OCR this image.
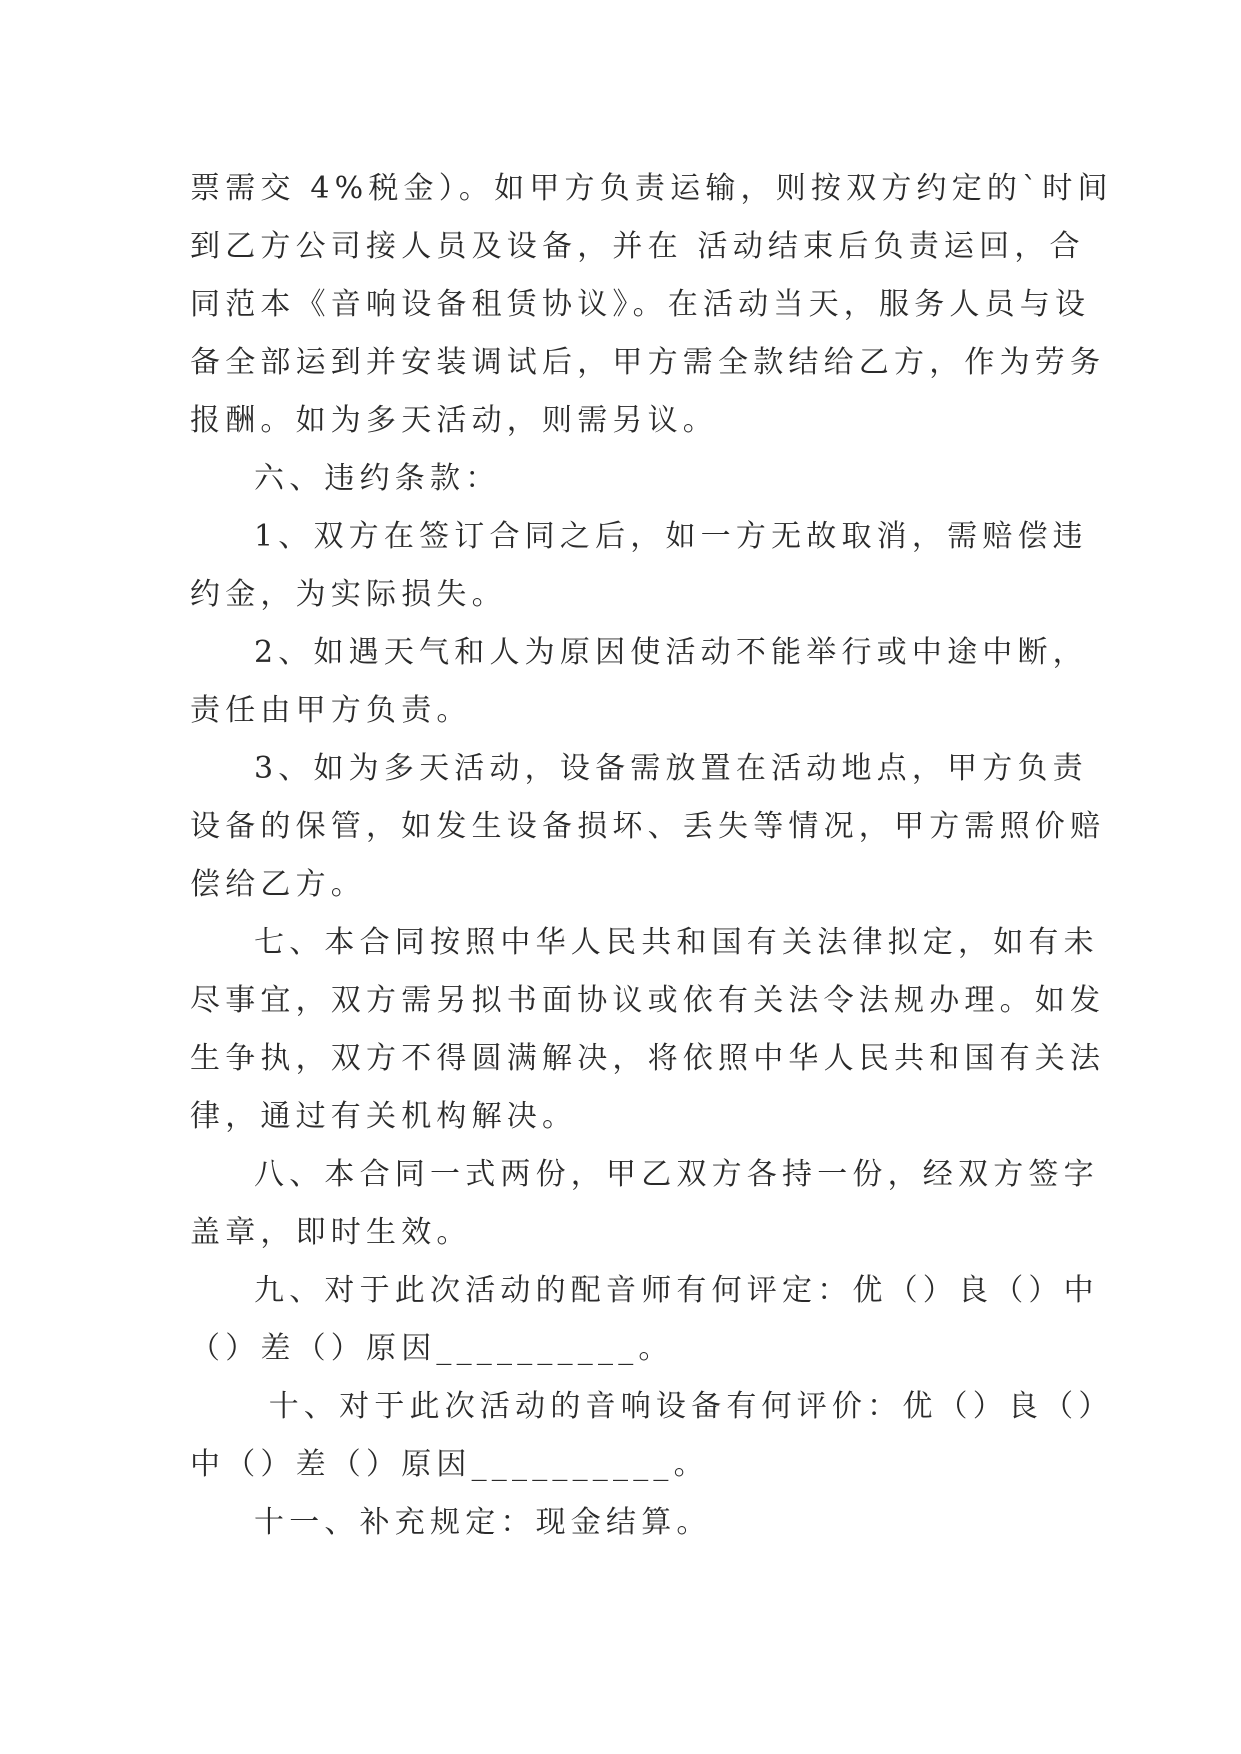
票需交 4%税金）。如甲方负责运输，则按双方约定的`时间
到乙方公司接人员及设备，并在 活动结束后负责运回，合
同范本《音响设备租赁协议》。在活动当天，服务人员与设
备全部运到并安装调试后，甲方需全款结给乙方，作为劳务
报酬。如为多天活动，则需另议。
六、违约条款：
1、双方在签订合同之后，如一方无故取消，需赔偿违
约金，为实际损失。
2、如遇天气和人为原因使活动不能举行或中途中断，
责任由甲方负责。
3、如为多天活动，设备需放置在活动地点，甲方负责
设备的保管，如发生设备损坏、丢失等情况，甲方需照价赔
偿给乙方。
七、本合同按照中华人民共和国有关法律拟定，如有未
尽事宜，双方需另拟书面协议或依有关法令法规办理。如发
生争执，双方不得圆满解决，将依照中华人民共和国有关法
律，通过有关机构解决。
八、本合同一式两份，甲乙双方各持一份，经双方签字
盖章，即时生效。
九、对于此次活动的配音师有何评定：优（）良（）中
（）差（）原因__________。
十、对于此次活动的音响设备有何评价：优（）良（）
中（）差（）原因__________。
十一、补充规定：现金结算。
